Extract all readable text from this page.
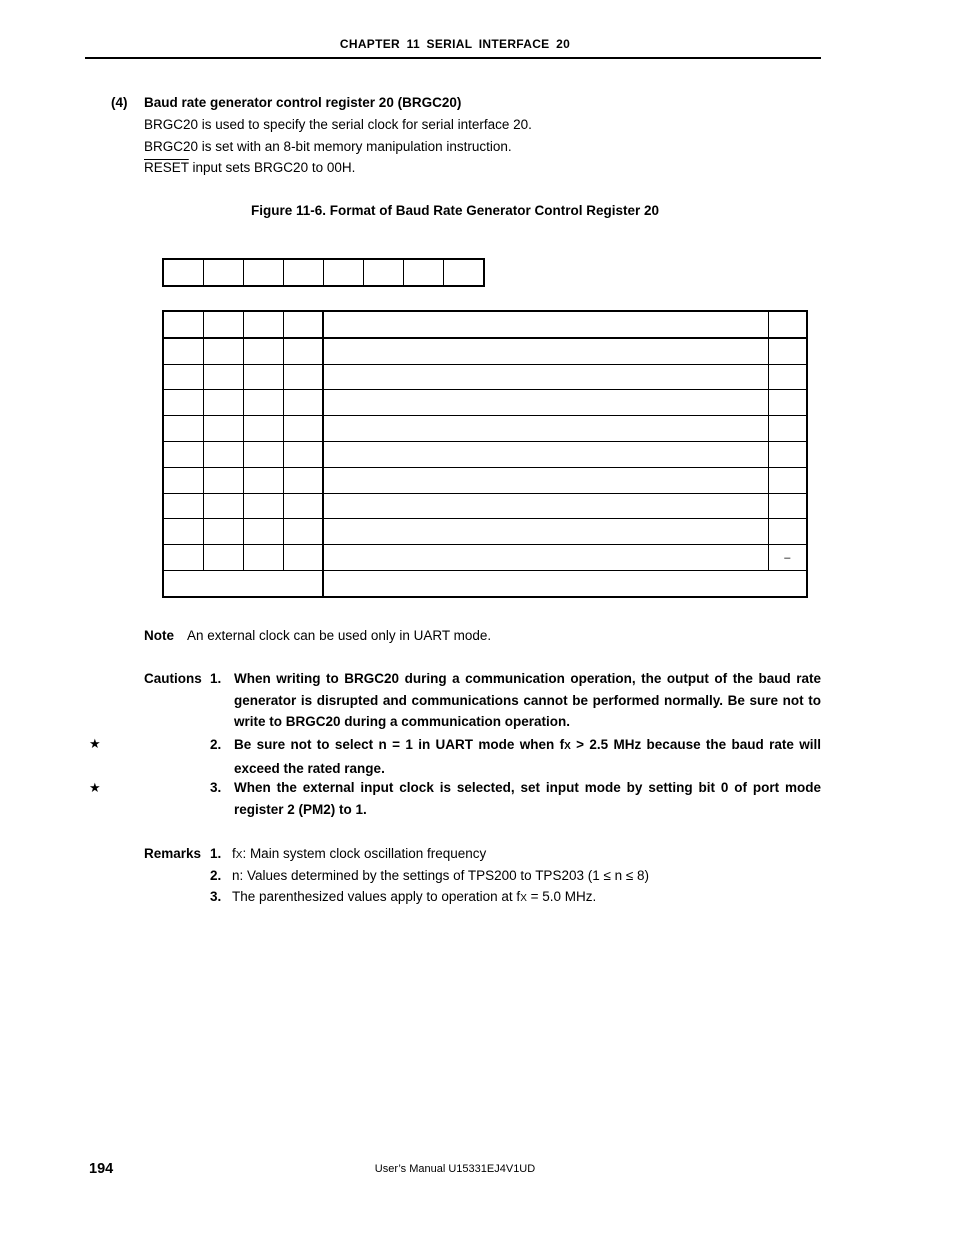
CHAPTER 11 SERIAL INTERFACE 20
(4) Baud rate generator control register 20 (BRGC20)
BRGC20 is used to specify the serial clock for serial interface 20.
BRGC20 is set with an 8-bit memory manipulation instruction.
RESET input sets BRGC20 to 00H.
Figure 11-6. Format of Baud Rate Generator Control Register 20

					–

Note An external clock can be used only in UART mode.
Cautions 1. When writing to BRGC20 during a communication operation, the output of the baud rate generator is disrupted and communications cannot be performed normally. Be sure not to write to BRGC20 during a communication operation.
★	2. Be sure not to select n = 1 in UART mode when fX > 2.5 MHz because the baud rate will exceed the rated range.
★	3. When the external input clock is selected, set input mode by setting bit 0 of port mode register 2 (PM2) to 1.
Remarks 1. fX: Main system clock oscillation frequency
2. n: Values determined by the settings of TPS200 to TPS203 (1 ≤ n ≤ 8)
3. The parenthesized values apply to operation at fX = 5.0 MHz.
194	User’s Manual U15331EJ4V1UD
